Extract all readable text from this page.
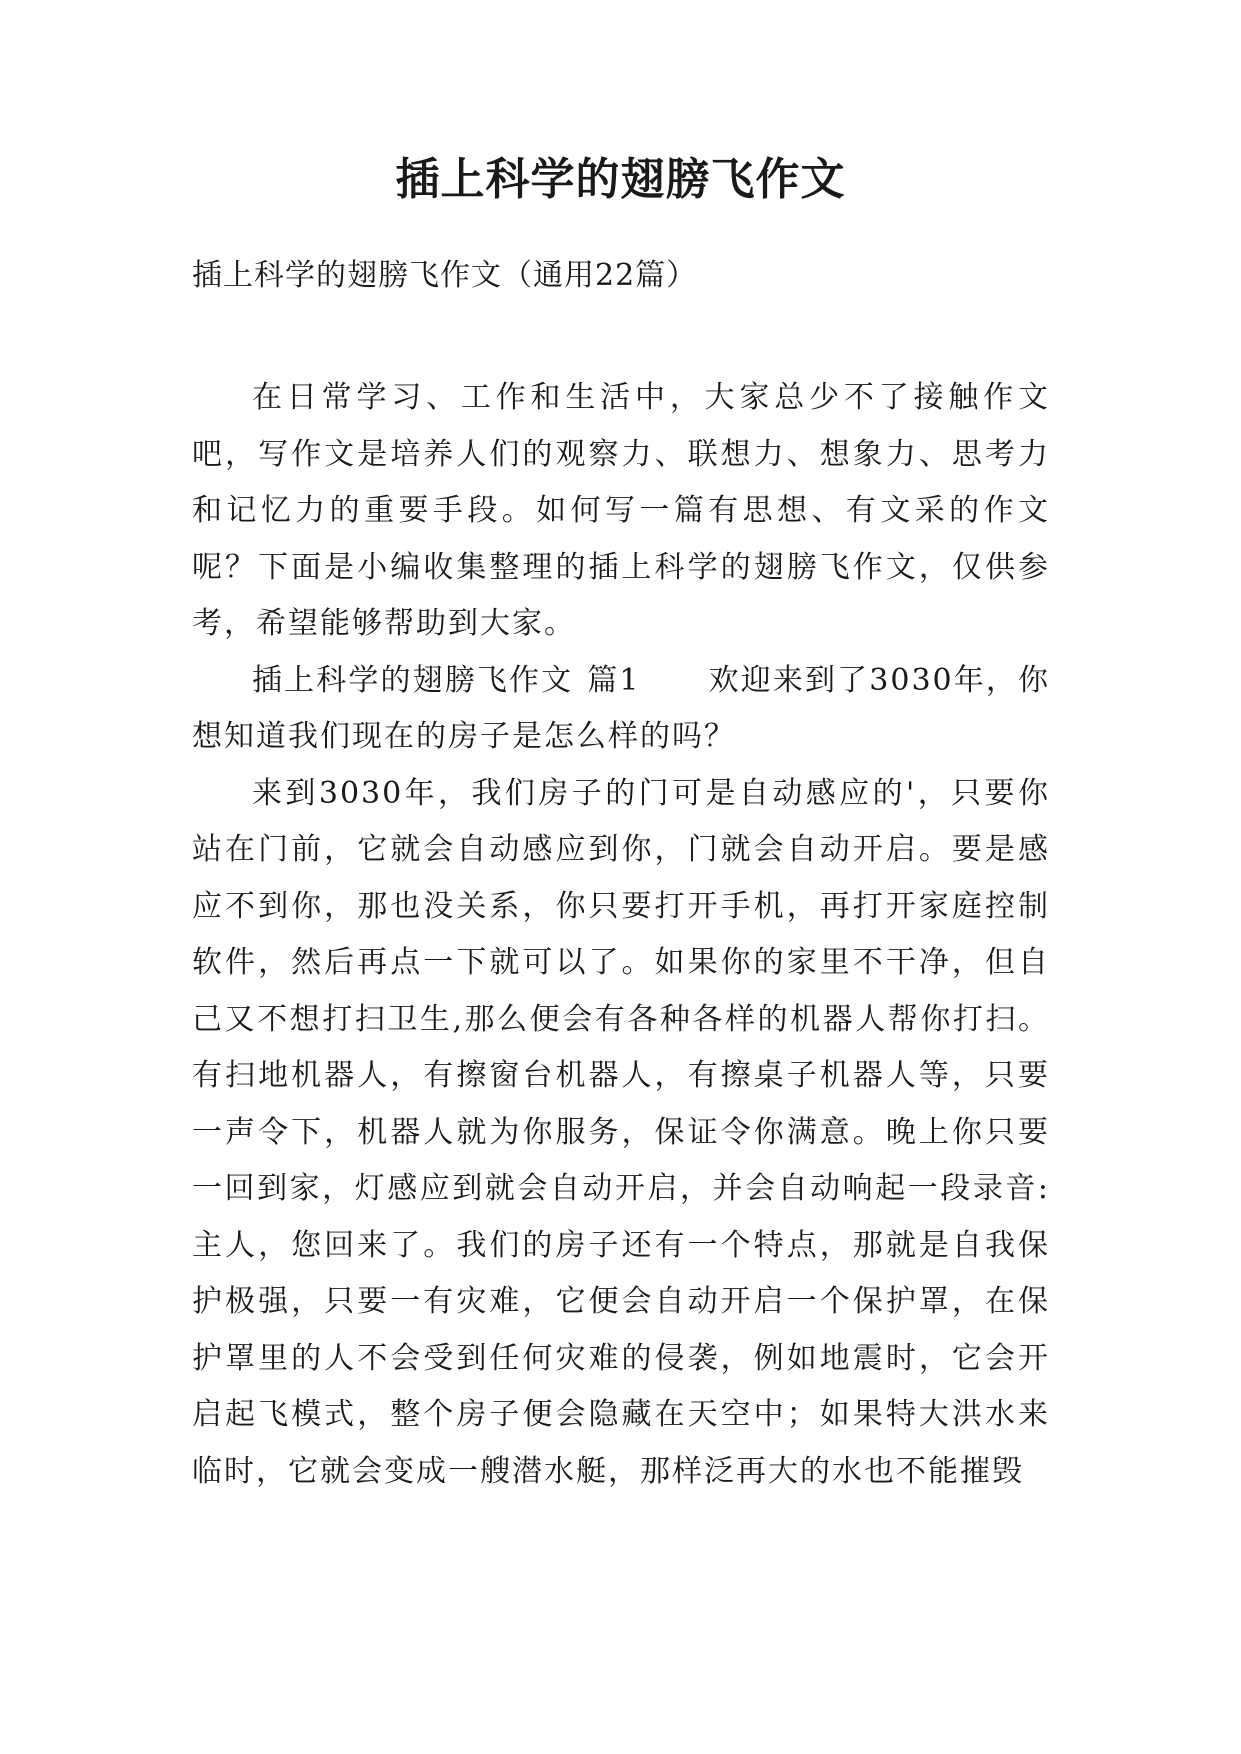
插上科学的翅膀飞作文

插上科学的翅膀飞作文（通用22篇）

在日常学习、工作和生活中，大家总少不了接触作文吧，写作文是培养人们的观察力、联想力、想象力、思考力和记忆力的重要手段。如何写一篇有思想、有文采的作文呢？下面是小编收集整理的插上科学的翅膀飞作文，仅供参考，希望能够帮助到大家。

插上科学的翅膀飞作文 篇1 欢迎来到了3030年，你想知道我们现在的房子是怎么样的吗？

来到3030年，我们房子的门可是自动感应的'，只要你站在门前，它就会自动感应到你，门就会自动开启。要是感应不到你，那也没关系，你只要打开手机，再打开家庭控制软件，然后再点一下就可以了。如果你的家里不干净，但自己又不想打扫卫生,那么便会有各种各样的机器人帮你打扫。有扫地机器人，有擦窗台机器人，有擦桌子机器人等，只要一声令下，机器人就为你服务，保证令你满意。晚上你只要一回到家，灯感应到就会自动开启，并会自动响起一段录音:主人，您回来了。我们的房子还有一个特点，那就是自我保护极强，只要一有灾难，它便会自动开启一个保护罩，在保护罩里的人不会受到任何灾难的侵袭，例如地震时，它会开启起飞模式，整个房子便会隐藏在天空中；如果特大洪水来临时，它就会变成一艘潜水艇，那样泛再大的水也不能摧毁
